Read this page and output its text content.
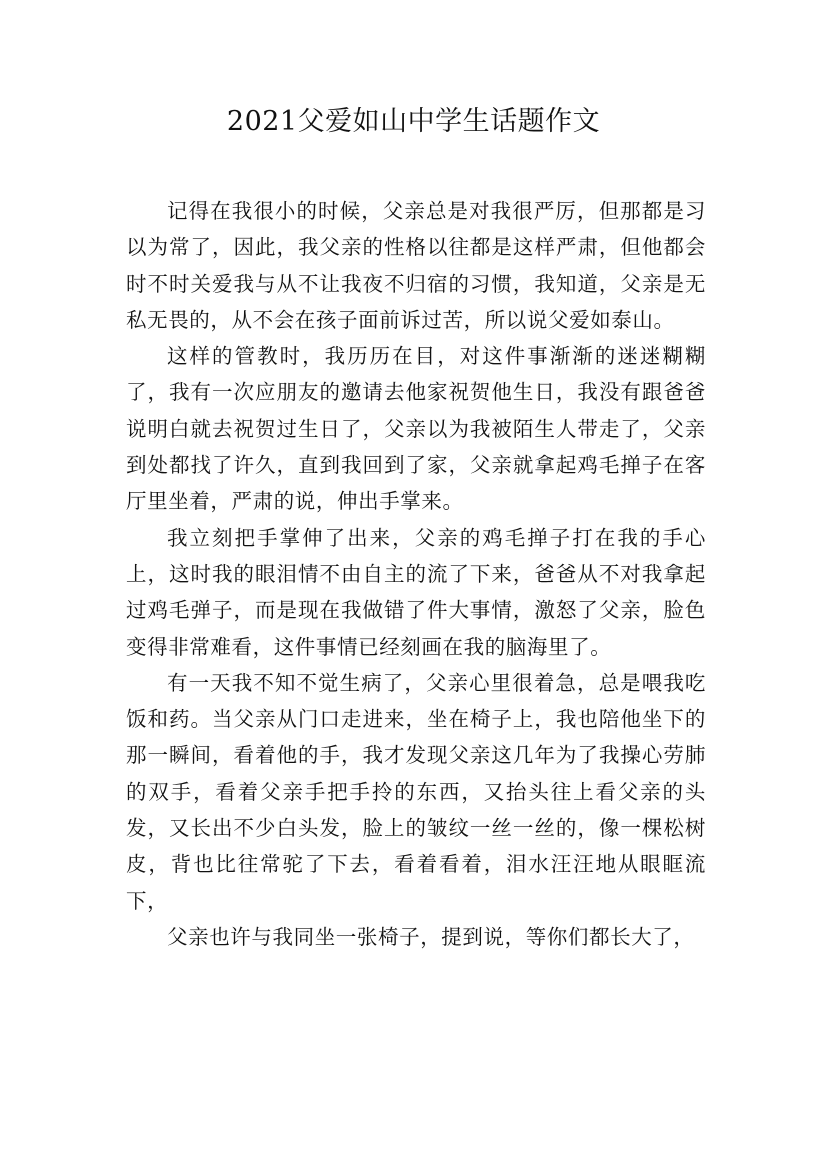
2021父爱如山中学生话题作文

记得在我很小的时候，父亲总是对我很严厉，但那都是习以为常了，因此，我父亲的性格以往都是这样严肃，但他都会时不时关爱我与从不让我夜不归宿的习惯，我知道，父亲是无私无畏的，从不会在孩子面前诉过苦，所以说父爱如泰山。

这样的管教时，我历历在目，对这件事渐渐的迷迷糊糊了，我有一次应朋友的邀请去他家祝贺他生日，我没有跟爸爸说明白就去祝贺过生日了，父亲以为我被陌生人带走了，父亲到处都找了许久，直到我回到了家，父亲就拿起鸡毛掸子在客厅里坐着，严肃的说，伸出手掌来。

我立刻把手掌伸了出来，父亲的鸡毛掸子打在我的手心上，这时我的眼泪情不由自主的流了下来，爸爸从不对我拿起过鸡毛弹子，而是现在我做错了件大事情，激怒了父亲，脸色变得非常难看，这件事情已经刻画在我的脑海里了。

有一天我不知不觉生病了，父亲心里很着急，总是喂我吃饭和药。当父亲从门口走进来，坐在椅子上，我也陪他坐下的那一瞬间，看着他的手，我才发现父亲这几年为了我操心劳肺的双手，看着父亲手把手拎的东西，又抬头往上看父亲的头发，又长出不少白头发，脸上的皱纹一丝一丝的，像一棵松树皮，背也比往常驼了下去，看着看着，泪水汪汪地从眼眶流下，

父亲也许与我同坐一张椅子，提到说，等你们都长大了，
